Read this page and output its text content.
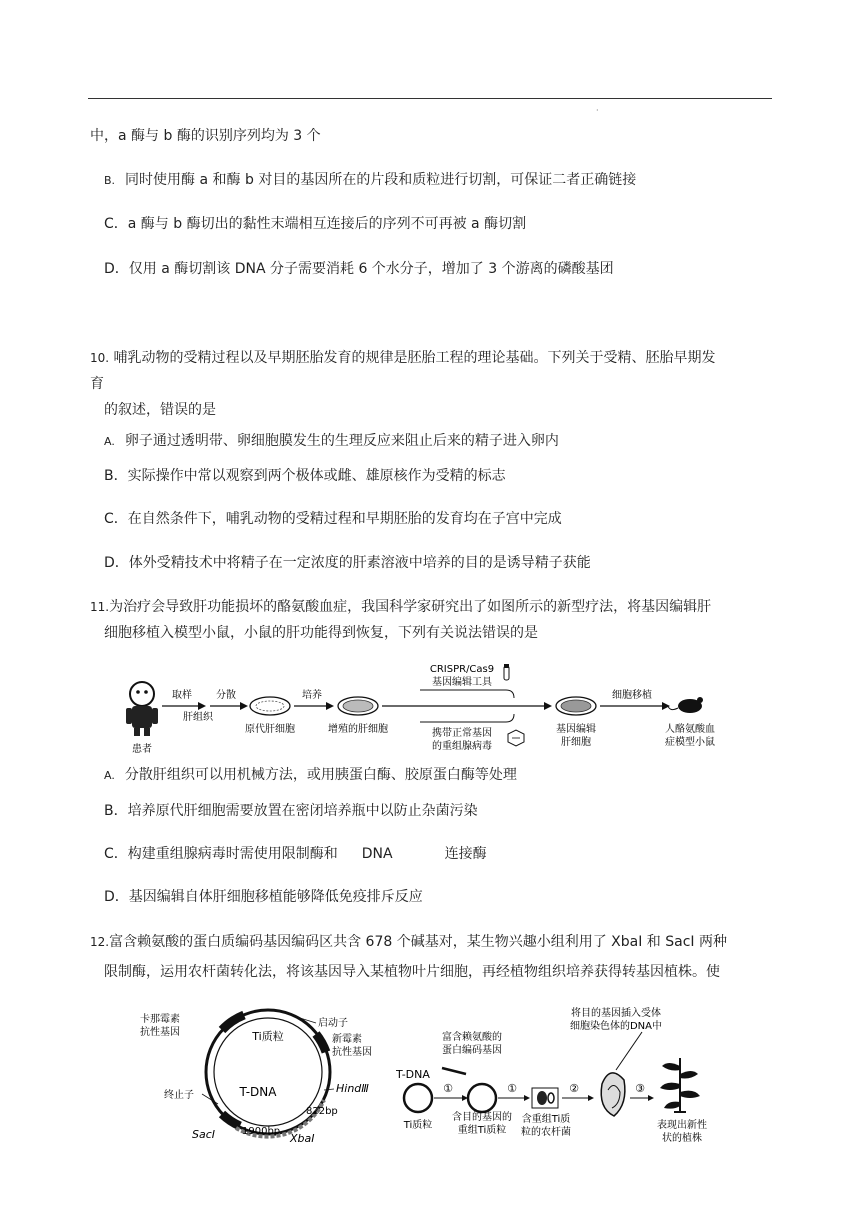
·
中，a 酶与 b 酶的识别序列均为 3 个
B. 同时使用酶 a 和酶 b 对目的基因所在的片段和质粒进行切割，可保证二者正确链接
C．a 酶与 b 酶切出的黏性末端相互连接后的序列不可再被 a 酶切割
D．仅用 a 酶切割该 DNA 分子需要消耗 6 个水分子，增加了 3 个游离的磷酸基团
10. 哺乳动物的受精过程以及早期胚胎发育的规律是胚胎工程的理论基础。下列关于受精、胚胎早期发
育
的叙述，错误的是
A. 卵子通过透明带、卵细胞膜发生的生理反应来阻止后来的精子进入卵内
B．实际操作中常以观察到两个极体或雌、雄原核作为受精的标志
C．在自然条件下，哺乳动物的受精过程和早期胚胎的发育均在子宫中完成
D．体外受精技术中将精子在一定浓度的肝素溶液中培养的目的是诱导精子获能
11.为治疗会导致肝功能损坏的酪氨酸血症，我国科学家研究出了如图所示的新型疗法，将基因编辑肝
细胞移植入模型小鼠，小鼠的肝功能得到恢复，下列有关说法错误的是
患者
取样
肝组织
分散
原代肝细胞
培养
增殖的肝细胞
CRISPR/Cas9
基因编辑工具
携带正常基因
的重组腺病毒
基因编辑
肝细胞
细胞移植
人酪氨酸血
症模型小鼠
A. 分散肝组织可以用机械方法，或用胰蛋白酶、胶原蛋白酶等处理
B．培养原代肝细胞需要放置在密闭培养瓶中以防止杂菌污染
C．构建重组腺病毒时需使用限制酶和 DNA	连接酶
D．基因编辑自体肝细胞移植能够降低免疫排斥反应
12.富含赖氨酸的蛋白质编码基因编码区共含 678 个碱基对，某生物兴趣小组利用了 XbaI 和 SacI 两种
限制酶，运用农杆菌转化法，将该基因导入某植物叶片细胞，再经植物组织培养获得转基因植株。使
Ti质粒
T-DNA
卡那霉素
抗性基因
启动子
新霉素
抗性基因
终止子
HindⅢ
822bp
SacⅠ	1900bp
XbaⅠ
富含赖氨酸的
蛋白编码基因
T-DNA
Ti质粒
①
含目的基因的
重组Ti质粒
①
含重组Ti质
粒的农杆菌
②
将目的基因插入受体
细胞染色体的DNA中
③
表现出新性
状的植株
